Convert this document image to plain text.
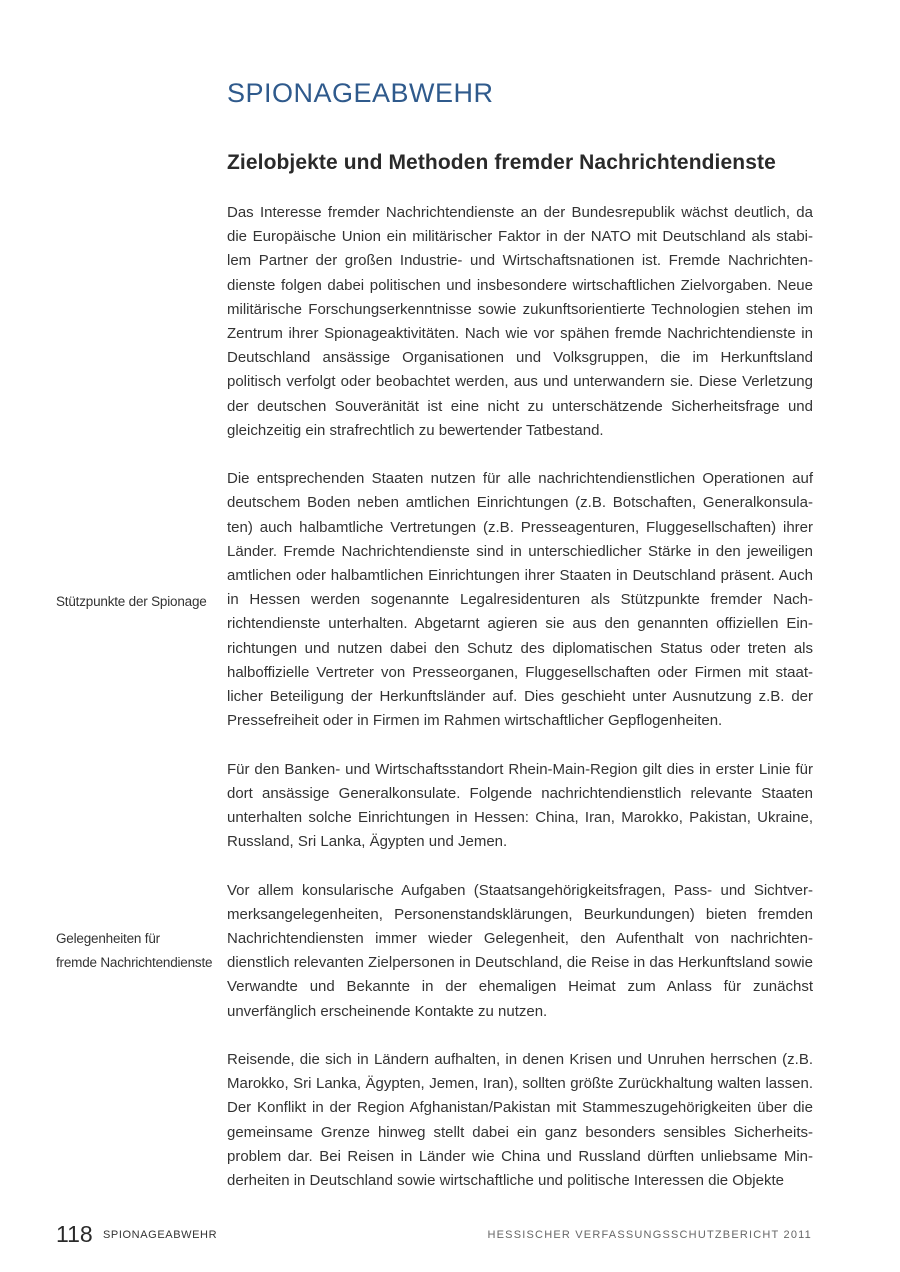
SPIONAGEABWEHR
Zielobjekte und Methoden fremder Nachrichtendienste

Das Interesse fremder Nachrichtendienste an der Bundesrepublik wächst deutlich, da die Europäische Union ein militärischer Faktor in der NATO mit Deutschland als stabilem Partner der großen Industrie- und Wirtschaftsnationen ist. Fremde Nachrichtendienste folgen dabei politischen und insbesondere wirtschaftlichen Zielvorgaben. Neue militärische Forschungserkenntnisse sowie zukunftsorientierte Technologien stehen im Zentrum ihrer Spionageaktivitäten. Nach wie vor spähen fremde Nachrichtendienste in Deutschland ansässige Organisationen und Volksgruppen, die im Herkunftsland politisch verfolgt oder beobachtet werden, aus und unterwandern sie. Diese Verletzung der deutschen Souveränität ist eine nicht zu unterschätzende Sicherheitsfrage und gleichzeitig ein strafrechtlich zu bewertender Tatbestand.

Die entsprechenden Staaten nutzen für alle nachrichtendienstlichen Operationen auf deutschem Boden neben amtlichen Einrichtungen (z.B. Botschaften, Generalkonsulaten) auch halbamtliche Vertretungen (z.B. Presseagenturen, Fluggesellschaften) ihrer Länder. Fremde Nachrichtendienste sind in unterschiedlicher Stärke in den jeweiligen amtlichen oder halbamtlichen Einrichtungen ihrer Staaten in Deutschland präsent. Auch in Hessen werden sogenannte Legalresidenturen als Stützpunkte fremder Nachrichtendienste unterhalten. Abgetarnt agieren sie aus den genannten offiziellen Einrichtungen und nutzen dabei den Schutz des diplomatischen Status oder treten als halboffizielle Vertreter von Presseorganen, Fluggesellschaften oder Firmen mit staatlicher Beteiligung der Herkunftsländer auf. Dies geschieht unter Ausnutzung z.B. der Pressefreiheit oder in Firmen im Rahmen wirtschaftlicher Gepflogenheiten.

Für den Banken- und Wirtschaftsstandort Rhein-Main-Region gilt dies in erster Linie für dort ansässige Generalkonsulate. Folgende nachrichtendienstlich relevante Staaten unterhalten solche Einrichtungen in Hessen: China, Iran, Marokko, Pakistan, Ukraine, Russland, Sri Lanka, Ägypten und Jemen.

Vor allem konsularische Aufgaben (Staatsangehörigkeitsfragen, Pass- und Sichtvermerksangelegenheiten, Personenstandsklärungen, Beurkundungen) bieten fremden Nachrichtendiensten immer wieder Gelegenheit, den Aufenthalt von nachrichtendienstlich relevanten Zielpersonen in Deutschland, die Reise in das Herkunftsland sowie Verwandte und Bekannte in der ehemaligen Heimat zum Anlass für zunächst unverfänglich erscheinende Kontakte zu nutzen.

Reisende, die sich in Ländern aufhalten, in denen Krisen und Unruhen herrschen (z.B. Marokko, Sri Lanka, Ägypten, Jemen, Iran), sollten größte Zurückhaltung walten lassen. Der Konflikt in der Region Afghanistan/Pakistan mit Stammeszugehörigkeiten über die gemeinsame Grenze hinweg stellt dabei ein ganz besonders sensibles Sicherheitsproblem dar. Bei Reisen in Länder wie China und Russland dürften unliebsame Minderheiten in Deutschland sowie wirtschaftliche und politische Interessen die Objekte

Stützpunkte der Spionage
Gelegenheiten für
fremde Nachrichtendienste
118 SPIONAGEABWEHR	HESSISCHER VERFASSUNGSSCHUTZBERICHT 2011
